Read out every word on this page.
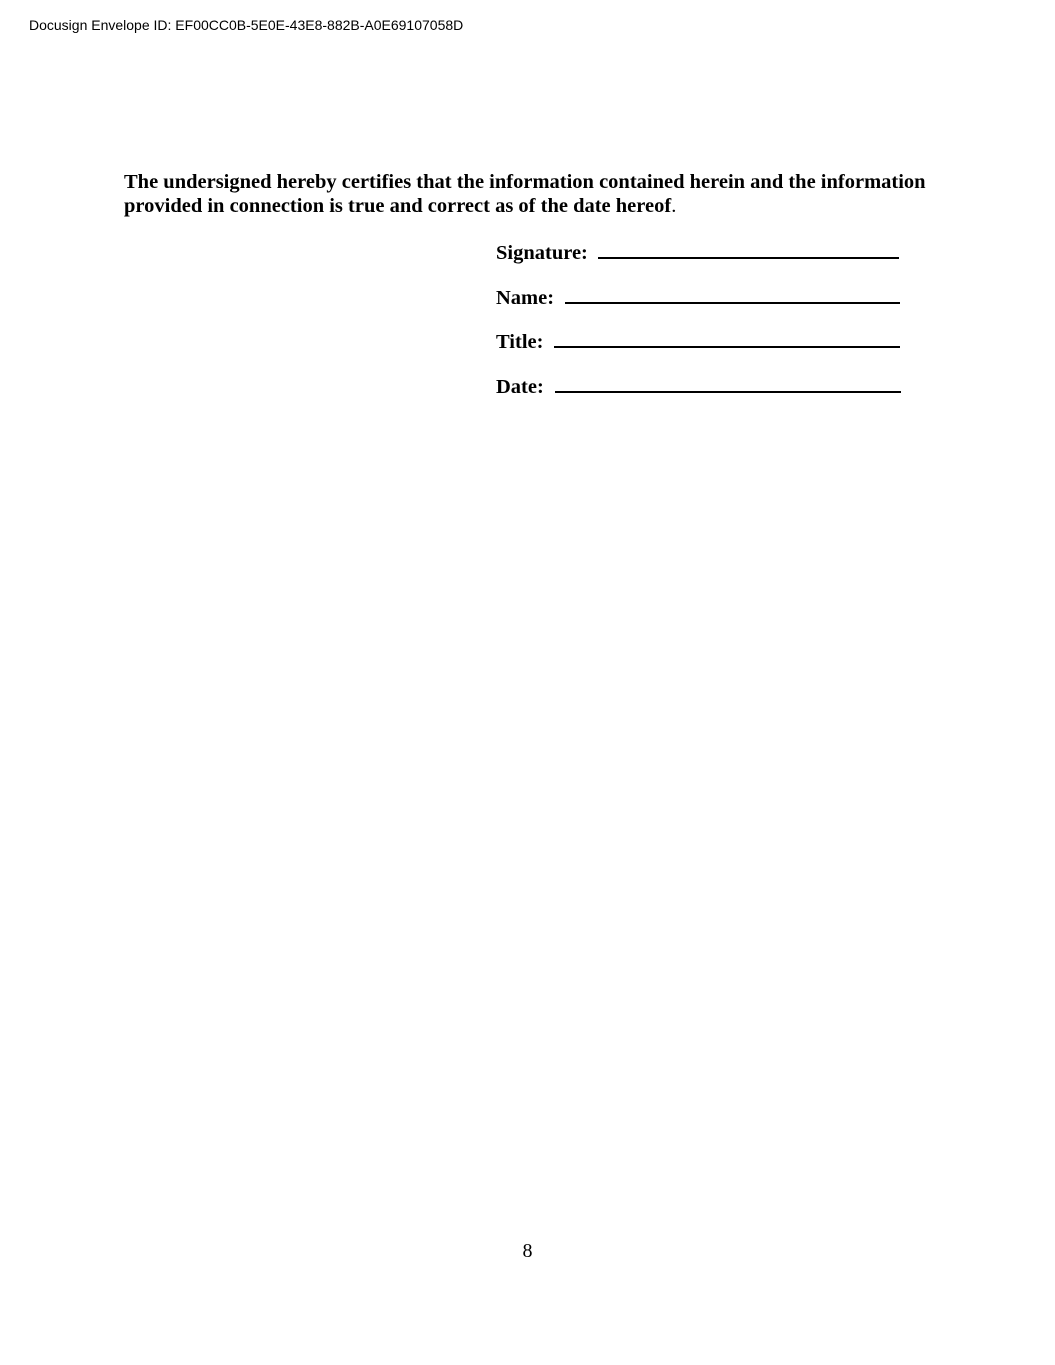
Docusign Envelope ID: EF00CC0B-5E0E-43E8-882B-A0E69107058D

The undersigned hereby certifies that the information contained herein and the information provided in connection is true and correct as of the date hereof.

Signature:
Name:
Title:
Date:
8
